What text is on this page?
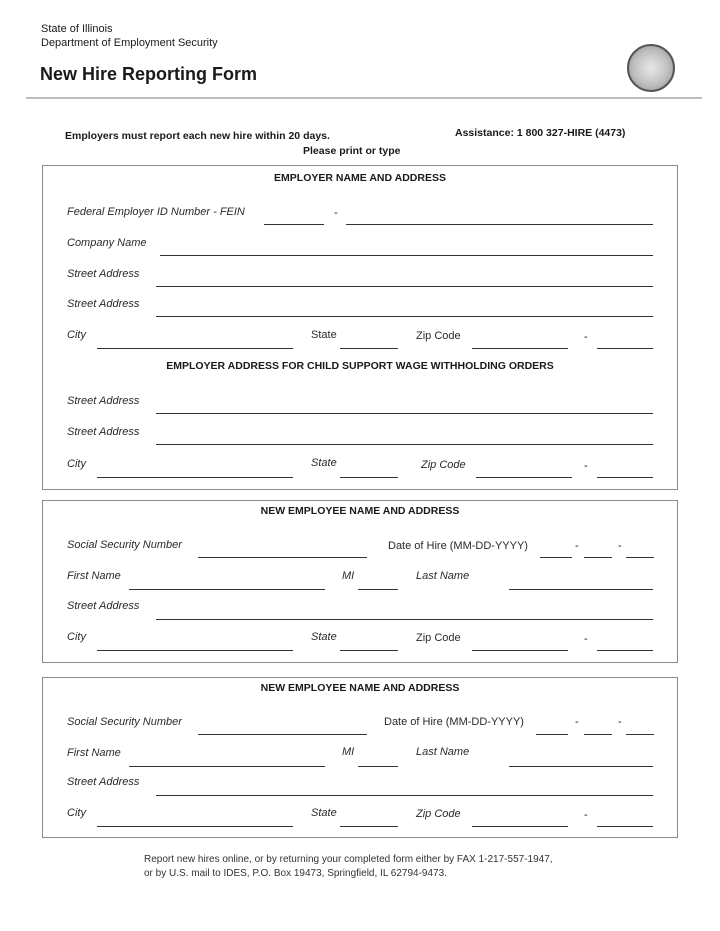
State of Illinois
Department of Employment Security
New Hire Reporting Form
Employers must report each new hire within 20 days.	Assistance: 1 800 327-HIRE (4473)
Please print or type
EMPLOYER NAME AND ADDRESS
Federal Employer ID Number - FEIN	-
Company Name
Street Address
Street Address
City	State	Zip Code	-
EMPLOYER ADDRESS FOR CHILD SUPPORT WAGE WITHHOLDING ORDERS
Street Address
Street Address
City	State	Zip Code	-
NEW EMPLOYEE NAME AND ADDRESS
Social Security Number	Date of Hire (MM-DD-YYYY)	-	-
First Name	MI	Last Name
Street Address
City	State	Zip Code	-
NEW EMPLOYEE NAME AND ADDRESS
Social Security Number	Date of Hire (MM-DD-YYYY)	-	-
First Name	MI	Last Name
Street Address
City	State	Zip Code	-
Report new hires online, or by returning your completed form either by FAX 1-217-557-1947,
or by U.S. mail to IDES, P.O. Box 19473, Springfield, IL 62794-9473.
